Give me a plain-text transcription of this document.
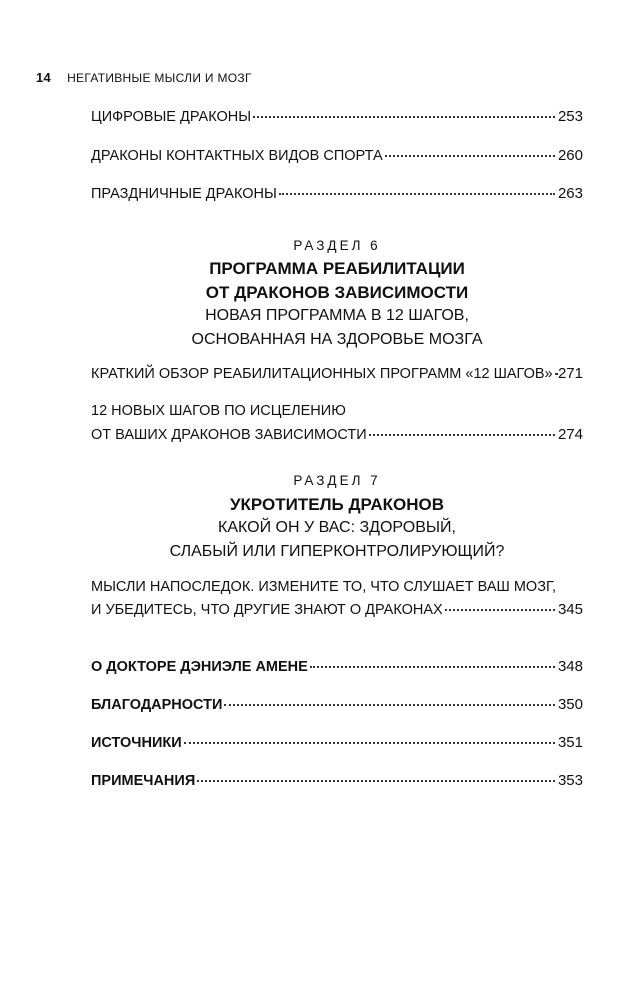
14 НЕГАТИВНЫЕ МЫСЛИ И МОЗГ
ЦИФРОВЫЕ ДРАКОНЫ	253
ДРАКОНЫ КОНТАКТНЫХ ВИДОВ СПОРТА	260
ПРАЗДНИЧНЫЕ ДРАКОНЫ	263
РАЗДЕЛ 6
ПРОГРАММА РЕАБИЛИТАЦИИ
ОТ ДРАКОНОВ ЗАВИСИМОСТИ
НОВАЯ ПРОГРАММА В 12 ШАГОВ,
ОСНОВАННАЯ НА ЗДОРОВЬЕ МОЗГА
КРАТКИЙ ОБЗОР РЕАБИЛИТАЦИОННЫХ ПРОГРАММ «12 ШАГОВ» 271
12 НОВЫХ ШАГОВ ПО ИСЦЕЛЕНИЮ
ОТ ВАШИХ ДРАКОНОВ ЗАВИСИМОСТИ	274
РАЗДЕЛ 7
УКРОТИТЕЛЬ ДРАКОНОВ
КАКОЙ ОН У ВАС: ЗДОРОВЫЙ,
СЛАБЫЙ ИЛИ ГИПЕРКОНТРОЛИРУЮЩИЙ?
МЫСЛИ НАПОСЛЕДОК. ИЗМЕНИТЕ ТО, ЧТО СЛУШАЕТ ВАШ МОЗГ,
И УБЕДИТЕСЬ, ЧТО ДРУГИЕ ЗНАЮТ О ДРАКОНАХ	345
О ДОКТОРЕ ДЭНИЭЛЕ АМЕНЕ	348
БЛАГОДАРНОСТИ	350
ИСТОЧНИКИ	351
ПРИМЕЧАНИЯ	353
